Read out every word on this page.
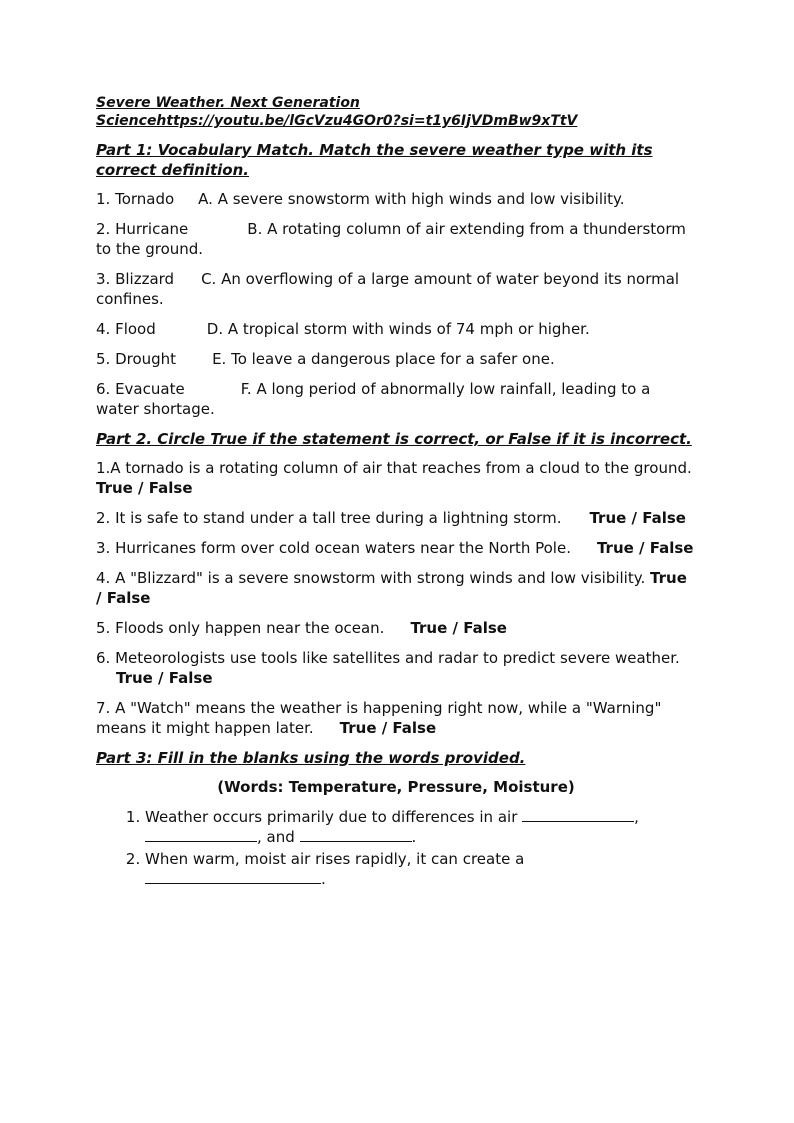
Severe Weather. Next Generation
Sciencehttps://youtu.be/lGcVzu4GOr0?si=t1y6IjVDmBw9xTtV
Part 1: Vocabulary Match. Match the severe weather type with its correct definition.
1. Tornado A. A severe snowstorm with high winds and low visibility.
2. Hurricane	B. A rotating column of air extending from a thunderstorm to the ground.
3. Blizzard C. An overflowing of a large amount of water beyond its normal confines.
4. Flood	D. A tropical storm with winds of 74 mph or higher.
5. Drought E. To leave a dangerous place for a safer one.
6. Evacuate	F. A long period of abnormally low rainfall, leading to a water shortage.
Part 2. Circle True if the statement is correct, or False if it is incorrect.
1.A tornado is a rotating column of air that reaches from a cloud to the ground. True / False
2. It is safe to stand under a tall tree during a lightning storm. True / False
3. Hurricanes form over cold ocean waters near the North Pole. True / False
4. A "Blizzard" is a severe snowstorm with strong winds and low visibility. True / False
5. Floods only happen near the ocean. True / False
6. Meteorologists use tools like satellites and radar to predict severe weather.True / False
7. A "Watch" means the weather is happening right now, while a "Warning" means it might happen later. True / False
Part 3: Fill in the blanks using the words provided.
(Words: Temperature, Pressure, Moisture)
1. Weather occurs primarily due to differences in air	, , and	.
2. When warm, moist air rises rapidly, it can create a .
